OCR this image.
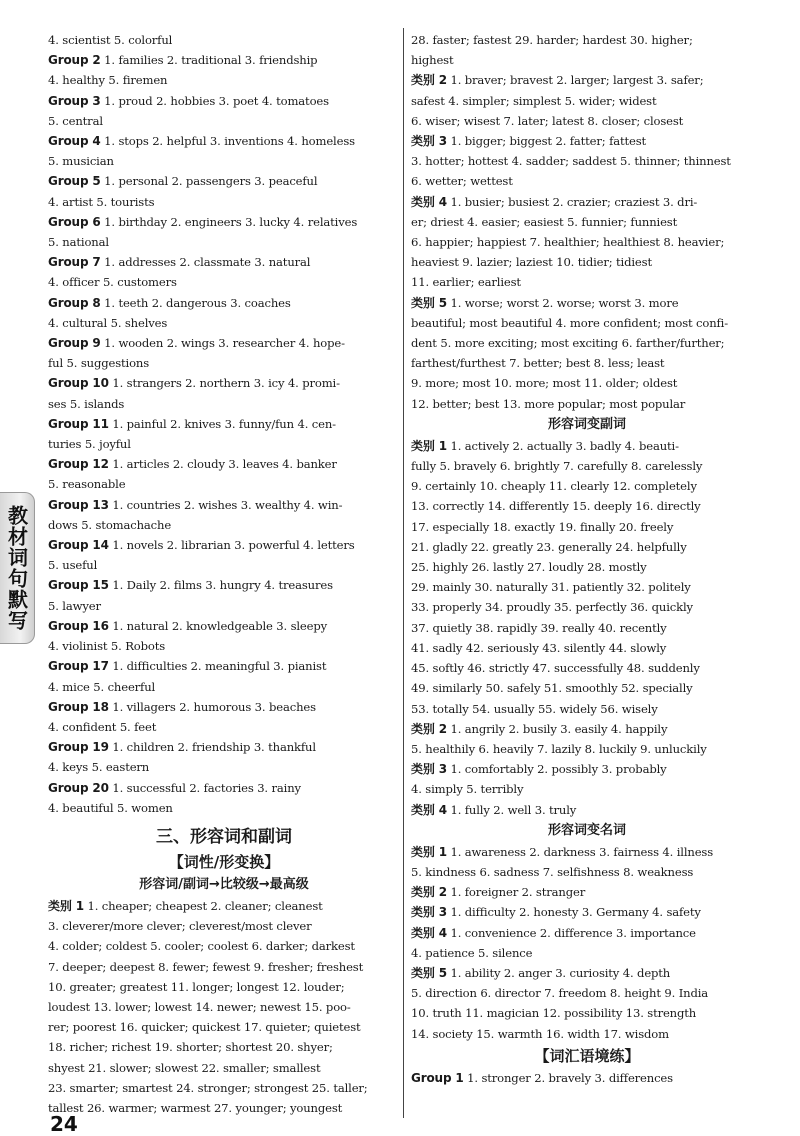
4. scientist 5. colorful
Group 2 1. families 2. traditional 3. friendship
4. healthy 5. firemen
Group 3 1. proud 2. hobbies 3. poet 4. tomatoes
5. central
Group 4 1. stops 2. helpful 3. inventions 4. homeless
5. musician
Group 5 1. personal 2. passengers 3. peaceful
4. artist 5. tourists
Group 6 1. birthday 2. engineers 3. lucky 4. relatives
5. national
Group 7 1. addresses 2. classmate 3. natural
4. officer 5. customers
Group 8 1. teeth 2. dangerous 3. coaches
4. cultural 5. shelves
Group 9 1. wooden 2. wings 3. researcher 4. hope-
ful 5. suggestions
Group 10 1. strangers 2. northern 3. icy 4. promi-
ses 5. islands
Group 11 1. painful 2. knives 3. funny/fun 4. cen-
turies 5. joyful
Group 12 1. articles 2. cloudy 3. leaves 4. banker
5. reasonable
Group 13 1. countries 2. wishes 3. wealthy 4. win-
dows 5. stomachache
Group 14 1. novels 2. librarian 3. powerful 4. letters
5. useful
Group 15 1. Daily 2. films 3. hungry 4. treasures
5. lawyer
Group 16 1. natural 2. knowledgeable 3. sleepy
4. violinist 5. Robots
Group 17 1. difficulties 2. meaningful 3. pianist
4. mice 5. cheerful
Group 18 1. villagers 2. humorous 3. beaches
4. confident 5. feet
Group 19 1. children 2. friendship 3. thankful
4. keys 5. eastern
Group 20 1. successful 2. factories 3. rainy
4. beautiful 5. women
三、形容词和副词
【词性/形变换】
形容词/副词→比较级→最高级
类别 1 1. cheaper; cheapest 2. cleaner; cleanest
3. cleverer/more clever; cleverest/most clever
4. colder; coldest 5. cooler; coolest 6. darker; darkest
7. deeper; deepest 8. fewer; fewest 9. fresher; freshest
10. greater; greatest 11. longer; longest 12. louder;
loudest 13. lower; lowest 14. newer; newest 15. poo-
rer; poorest 16. quicker; quickest 17. quieter; quietest
18. richer; richest 19. shorter; shortest 20. shyer;
shyest 21. slower; slowest 22. smaller; smallest
23. smarter; smartest 24. stronger; strongest 25. taller;
tallest 26. warmer; warmest 27. younger; youngest
28. faster; fastest 29. harder; hardest 30. higher;
highest
类别 2 1. braver; bravest 2. larger; largest 3. safer;
safest 4. simpler; simplest 5. wider; widest
6. wiser; wisest 7. later; latest 8. closer; closest
类别 3 1. bigger; biggest 2. fatter; fattest
3. hotter; hottest 4. sadder; saddest 5. thinner; thinnest
6. wetter; wettest
类别 4 1. busier; busiest 2. crazier; craziest 3. dri-
er; driest 4. easier; easiest 5. funnier; funniest
6. happier; happiest 7. healthier; healthiest 8. heavier;
heaviest 9. lazier; laziest 10. tidier; tidiest
11. earlier; earliest
类别 5 1. worse; worst 2. worse; worst 3. more
beautiful; most beautiful 4. more confident; most confi-
dent 5. more exciting; most exciting 6. farther/further;
farthest/furthest 7. better; best 8. less; least
9. more; most 10. more; most 11. older; oldest
12. better; best 13. more popular; most popular
形容词变副词
类别 1 1. actively 2. actually 3. badly 4. beauti-
fully 5. bravely 6. brightly 7. carefully 8. carelessly
9. certainly 10. cheaply 11. clearly 12. completely
13. correctly 14. differently 15. deeply 16. directly
17. especially 18. exactly 19. finally 20. freely
21. gladly 22. greatly 23. generally 24. helpfully
25. highly 26. lastly 27. loudly 28. mostly
29. mainly 30. naturally 31. patiently 32. politely
33. properly 34. proudly 35. perfectly 36. quickly
37. quietly 38. rapidly 39. really 40. recently
41. sadly 42. seriously 43. silently 44. slowly
45. softly 46. strictly 47. successfully 48. suddenly
49. similarly 50. safely 51. smoothly 52. specially
53. totally 54. usually 55. widely 56. wisely
类别 2 1. angrily 2. busily 3. easily 4. happily
5. healthily 6. heavily 7. lazily 8. luckily 9. unluckily
类别 3 1. comfortably 2. possibly 3. probably
4. simply 5. terribly
类别 4 1. fully 2. well 3. truly
形容词变名词
类别 1 1. awareness 2. darkness 3. fairness 4. illness
5. kindness 6. sadness 7. selfishness 8. weakness
类别 2 1. foreigner 2. stranger
类别 3 1. difficulty 2. honesty 3. Germany 4. safety
类别 4 1. convenience 2. difference 3. importance
4. patience 5. silence
类别 5 1. ability 2. anger 3. curiosity 4. depth
5. direction 6. director 7. freedom 8. height 9. India
10. truth 11. magician 12. possibility 13. strength
14. society 15. warmth 16. width 17. wisdom
【词汇语境练】
Group 1 1. stronger 2. bravely 3. differences
教材词句默写
24
